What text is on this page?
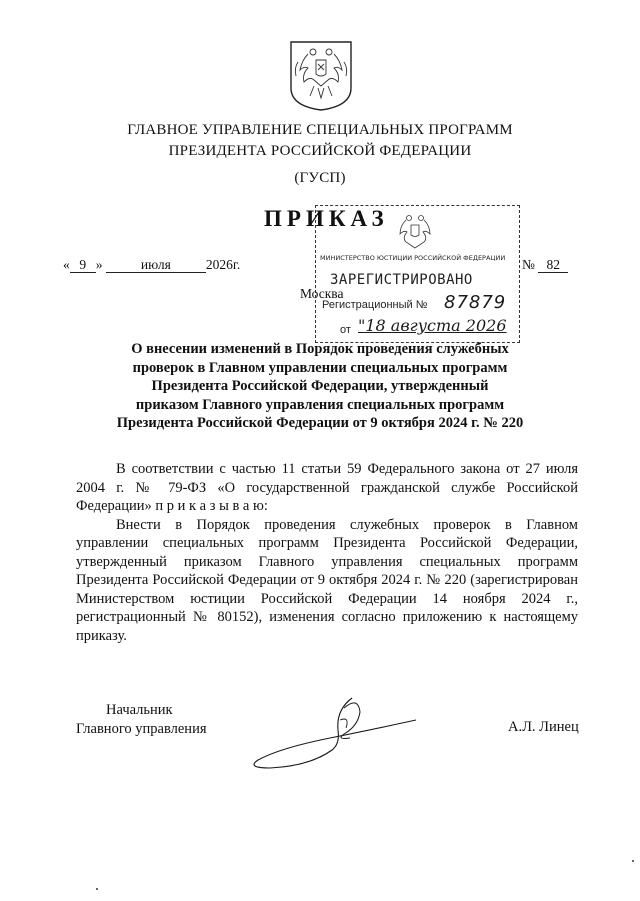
ГЛАВНОЕ УПРАВЛЕНИЕ СПЕЦИАЛЬНЫХ ПРОГРАММ
ПРЕЗИДЕНТА РОССИЙСКОЙ ФЕДЕРАЦИИ
(ГУСП)
МИНИСТЕРСТВО ЮСТИЦИИ РОССИЙСКОЙ ФЕДЕРАЦИИ
ЗАРЕГИСТРИРОВАНО
Регистрационный № 87879
от "18 августа 2026
ПРИКАЗ
« 9 »	июля	2026г.	№ 82
Москва
О внесении изменений в Порядок проведения служебных
проверок в Главном управлении специальных программ
Президента Российской Федерации, утвержденный
приказом Главного управления специальных программ
Президента Российской Федерации от 9 октября 2024 г. № 220

В соответствии с частью 11 статьи 59 Федерального закона от 27 июля 2004 г. № 79-ФЗ «О государственной гражданской службе Российской Федерации» п р и к а з ы в а ю:

Внести в Порядок проведения служебных проверок в Главном управлении специальных программ Президента Российской Федерации, утвержденный приказом Главного управления специальных программ Президента Российской Федерации от 9 октября 2024 г. № 220 (зарегистрирован Министерством юстиции Российской Федерации 14 ноября 2024 г., регистрационный № 80152), изменения согласно приложению к настоящему приказу.

Начальник
Главного управления	А.Л. Линец
